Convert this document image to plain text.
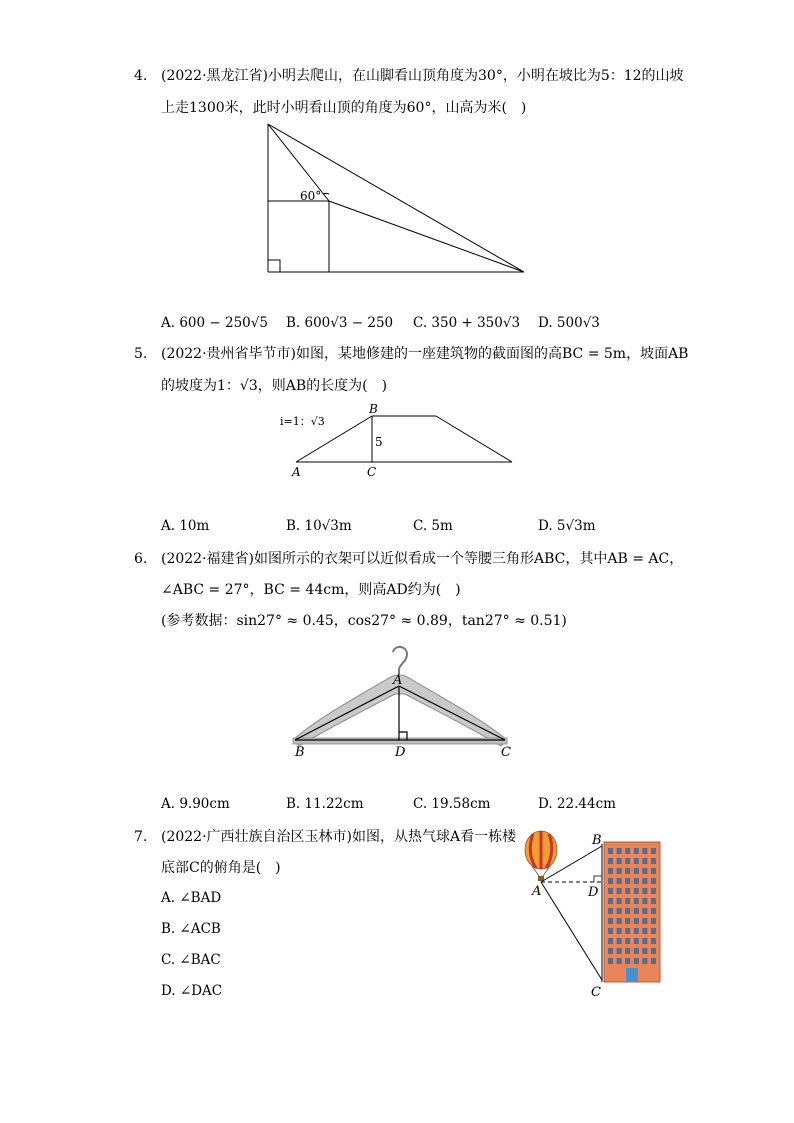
4. (2022·黑龙江省)小明去爬山，在山脚看山顶角度为30°，小明在坡比为5：12的山坡
上走1300米，此时小明看山顶的角度为60°，山高为米(　)
60°
A. 600 − 250√5 B. 600√3 − 250 C. 350 + 350√3 D. 500√3
5. (2022·贵州省毕节市)如图，某地修建的一座建筑物的截面图的高BC = 5m，坡面AB
的坡度为1：√3，则AB的长度为(　)
i=1：√3
B
5
A	C
A. 10m	B. 10√3m	C. 5m	D. 5√3m
6. (2022·福建省)如图所示的衣架可以近似看成一个等腰三角形ABC，其中AB = AC，
∠ABC = 27°，BC = 44cm，则高AD约为(　)
(参考数据：sin27° ≈ 0.45，cos27° ≈ 0.89，tan27° ≈ 0.51)
A
B	D	C
A. 9.90cm	B. 11.22cm	C. 19.58cm	D. 22.44cm
7. (2022·广西壮族自治区玉林市)如图，从热气球A看一栋楼
底部C的俯角是(　)
A. ∠BAD
B. ∠ACB
C. ∠BAC
D. ∠DAC
B
A	D
C
